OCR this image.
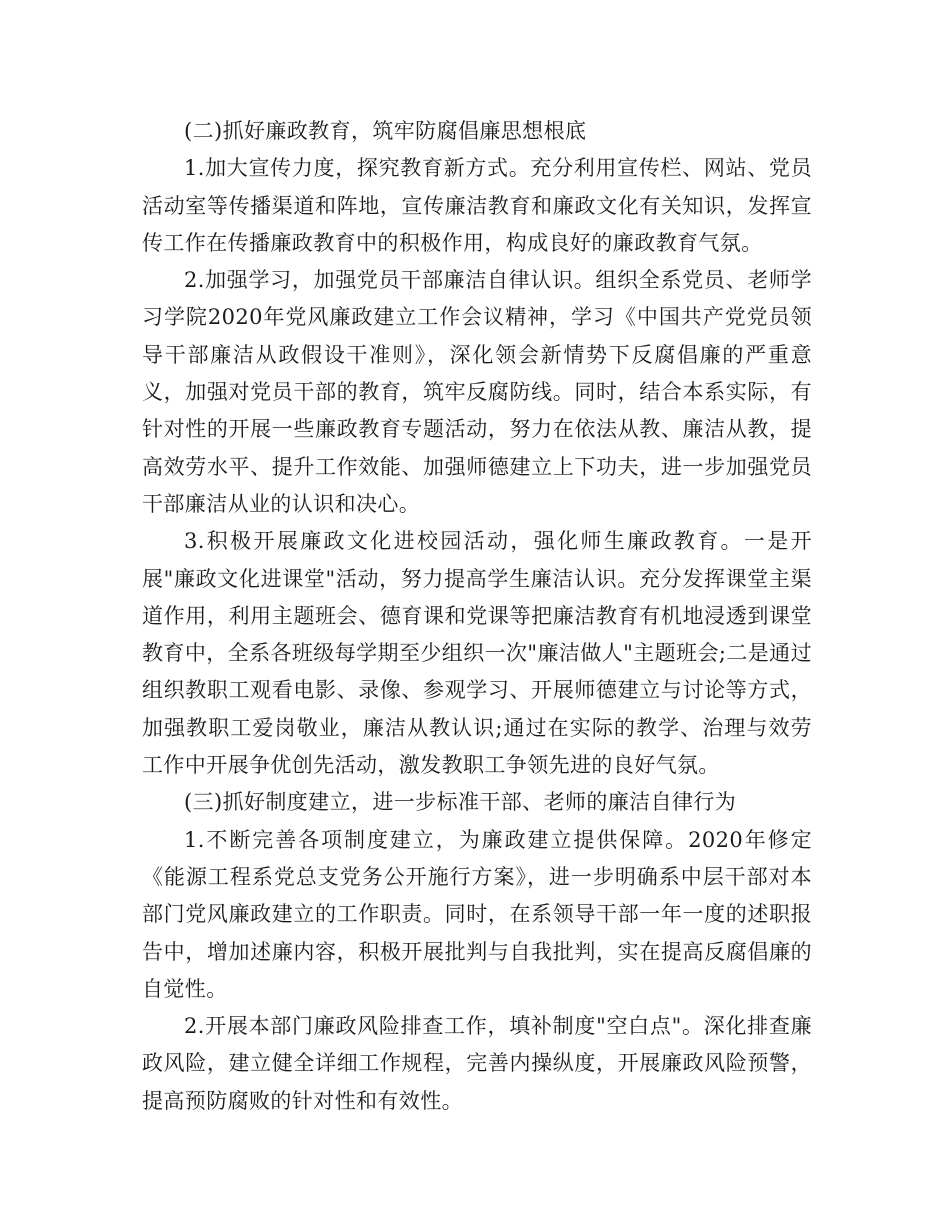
(二)抓好廉政教育，筑牢防腐倡廉思想根底

1.加大宣传力度，探究教育新方式。充分利用宣传栏、网站、党员活动室等传播渠道和阵地，宣传廉洁教育和廉政文化有关知识，发挥宣传工作在传播廉政教育中的积极作用，构成良好的廉政教育气氛。

2.加强学习，加强党员干部廉洁自律认识。组织全系党员、老师学习学院2020年党风廉政建立工作会议精神，学习《中国共产党党员领导干部廉洁从政假设干准则》，深化领会新情势下反腐倡廉的严重意义，加强对党员干部的教育，筑牢反腐防线。同时，结合本系实际，有针对性的开展一些廉政教育专题活动，努力在依法从教、廉洁从教，提高效劳水平、提升工作效能、加强师德建立上下功夫，进一步加强党员干部廉洁从业的认识和决心。

3.积极开展廉政文化进校园活动，强化师生廉政教育。一是开展"廉政文化进课堂"活动，努力提高学生廉洁认识。充分发挥课堂主渠道作用，利用主题班会、德育课和党课等把廉洁教育有机地浸透到课堂教育中，全系各班级每学期至少组织一次"廉洁做人"主题班会;二是通过组织教职工观看电影、录像、参观学习、开展师德建立与讨论等方式，加强教职工爱岗敬业，廉洁从教认识;通过在实际的教学、治理与效劳工作中开展争优创先活动，激发教职工争领先进的良好气氛。

(三)抓好制度建立，进一步标准干部、老师的廉洁自律行为

1.不断完善各项制度建立，为廉政建立提供保障。2020年修定《能源工程系党总支党务公开施行方案》，进一步明确系中层干部对本部门党风廉政建立的工作职责。同时，在系领导干部一年一度的述职报告中，增加述廉内容，积极开展批判与自我批判，实在提高反腐倡廉的自觉性。

2.开展本部门廉政风险排查工作，填补制度"空白点"。深化排查廉政风险，建立健全详细工作规程，完善内操纵度，开展廉政风险预警，提高预防腐败的针对性和有效性。
